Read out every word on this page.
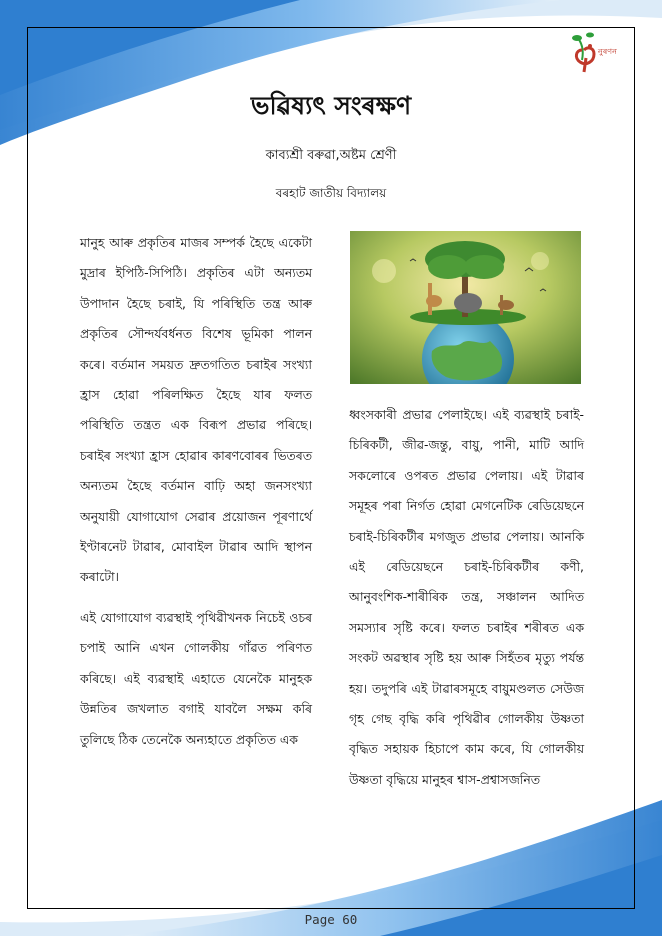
নুৰণন
ভৱিষ্যৎ সংৰক্ষণ
কাব্যশ্ৰী বৰুৱা,অষ্টম শ্ৰেণী
বৰহাট জাতীয় বিদ্যালয়

মানুহ আৰু প্ৰকৃতিৰ মাজৰ সম্পৰ্ক হৈছে একেটা মুদ্ৰাৰ ইপিঠি-সিপিঠি। প্ৰকৃতিৰ এটা অন্যতম উপাদান হৈছে চৰাই, যি পৰিস্থিতি তন্ত্ৰ আৰু প্ৰকৃতিৰ সৌন্দৰ্যবৰ্ধনত বিশেষ ভূমিকা পালন কৰে। বৰ্তমান সময়ত দ্ৰুতগতিত চৰাইৰ সংখ্যা হ্ৰাস হোৱা পৰিলক্ষিত হৈছে যাৰ ফলত পৰিস্থিতি তন্ত্ৰত এক বিৰূপ প্ৰভাৱ পৰিছে। চৰাইৰ সংখ্যা হ্ৰাস হোৱাৰ কাৰণবোৰৰ ভিতৰত অন্যতম হৈছে বৰ্তমান বাঢ়ি অহা জনসংখ্যা অনুযায়ী যোগাযোগ সেৱাৰ প্ৰয়োজন পূৰণাৰ্থে ইণ্টাৰনেট টাৱাৰ, মোবাইল টাৱাৰ আদি স্থাপন কৰাটো।

এই যোগাযোগ ব্যৱস্থাই পৃথিৱীখনক নিচেই ওচৰ চপাই আনি এখন গোলকীয় গাঁৱত পৰিণত কৰিছে। এই ব্যৱস্থাই এহাতে যেনেকৈ মানুহক উন্নতিৰ জখলাত বগাই যাবলৈ সক্ষম কৰি তুলিছে ঠিক তেনেকৈ অন্যহাতে প্ৰকৃতিত এক

ধ্বংসকাৰী প্ৰভাৱ পেলাইছে। এই ব্যৱস্থাই চৰাই-চিৰিকটী, জীৱ-জন্তু, বায়ু, পানী, মাটি আদি সকলোৰে ওপৰত প্ৰভাৱ পেলায়। এই টাৱাৰ সমূহৰ পৰা নিৰ্গত হোৱা মেগনেটিক ৰেডিয়েছনে চৰাই-চিৰিকটীৰ মগজুত প্ৰভাৱ পেলায়। আনকি এই ৰেডিয়েছনে চৰাই-চিৰিকটীৰ কণী, আনুবংশিক-শাৰীৰিক তন্ত্ৰ, সঞ্চালন আদিত সমস্যাৰ সৃষ্টি কৰে। ফলত চৰাইৰ শৰীৰত এক সংকট অৱস্থাৰ সৃষ্টি হয় আৰু সিহঁতৰ মৃত্যু পৰ্যন্ত হয়। তদুপৰি এই টাৱাৰসমূহে বায়ুমণ্ডলত সেউজ গৃহ গেছ বৃদ্ধি কৰি পৃথিৱীৰ গোলকীয় উষ্ণতা বৃদ্ধিত সহায়ক হিচাপে কাম কৰে, যি গোলকীয় উষ্ণতা বৃদ্ধিয়ে মানুহৰ শ্বাস-প্ৰশ্বাসজনিত

Page 60
